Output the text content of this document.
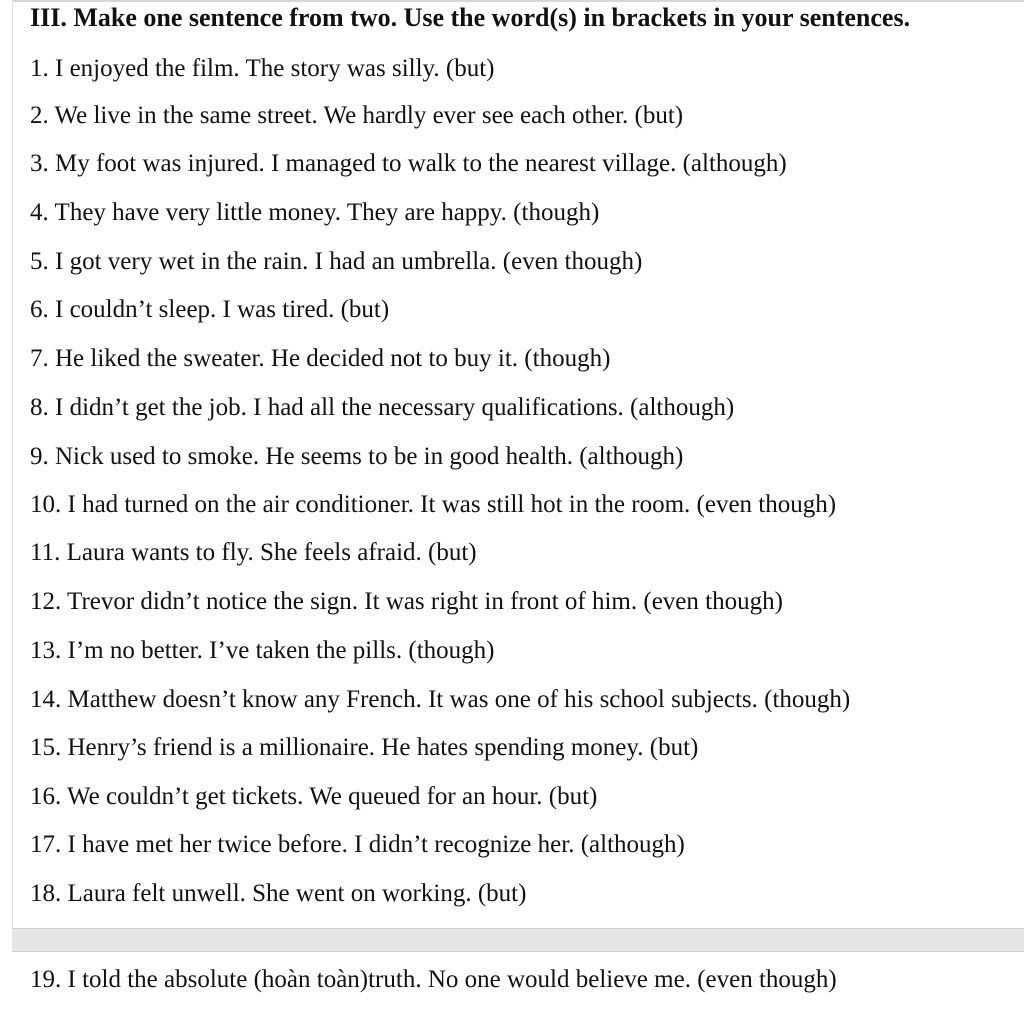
III. Make one sentence from two. Use the word(s) in brackets in your sentences.
1. I enjoyed the film. The story was silly. (but)
2. We live in the same street. We hardly ever see each other. (but)
3. My foot was injured. I managed to walk to the nearest village. (although)
4. They have very little money. They are happy. (though)
5. I got very wet in the rain. I had an umbrella. (even though)
6. I couldn’t sleep. I was tired. (but)
7. He liked the sweater. He decided not to buy it. (though)
8. I didn’t get the job. I had all the necessary qualifications. (although)
9. Nick used to smoke. He seems to be in good health. (although)
10. I had turned on the air conditioner. It was still hot in the room. (even though)
11. Laura wants to fly. She feels afraid. (but)
12. Trevor didn’t notice the sign. It was right in front of him. (even though)
13. I’m no better. I’ve taken the pills. (though)
14. Matthew doesn’t know any French. It was one of his school subjects. (though)
15. Henry’s friend is a millionaire. He hates spending money. (but)
16. We couldn’t get tickets. We queued for an hour. (but)
17. I have met her twice before. I didn’t recognize her. (although)
18. Laura felt unwell. She went on working. (but)
19. I told the absolute (hoàn toàn)truth. No one would believe me. (even though)
